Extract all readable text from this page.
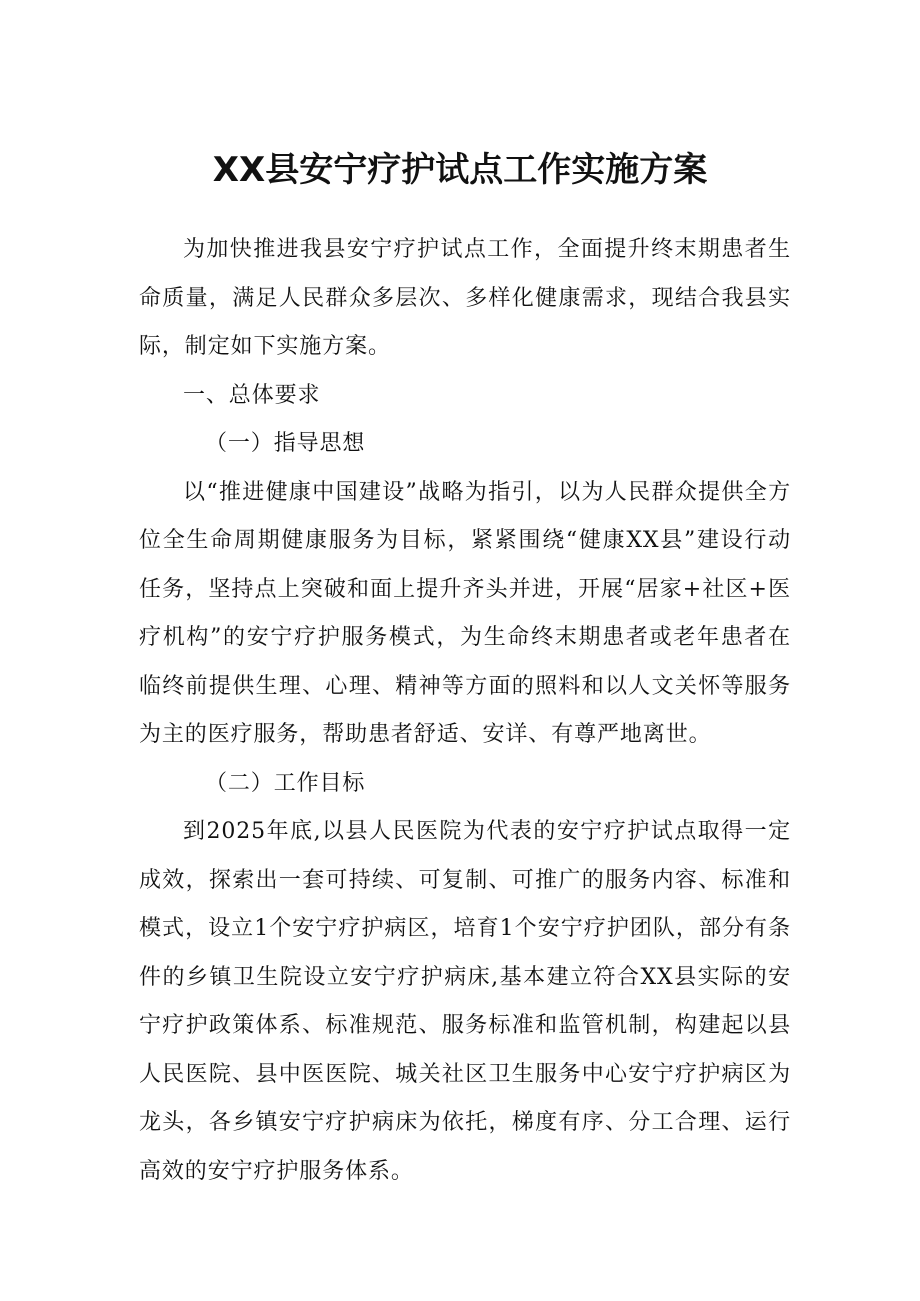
XX县安宁疗护试点工作实施方案

为加快推进我县安宁疗护试点工作，全面提升终末期患者生命质量，满足人民群众多层次、多样化健康需求，现结合我县实际，制定如下实施方案。

一、总体要求

（一）指导思想

以“推进健康中国建设”战略为指引，以为人民群众提供全方位全生命周期健康服务为目标，紧紧围绕“健康XX县”建设行动任务，坚持点上突破和面上提升齐头并进，开展“居家+社区+医疗机构”的安宁疗护服务模式，为生命终末期患者或老年患者在临终前提供生理、心理、精神等方面的照料和以人文关怀等服务为主的医疗服务，帮助患者舒适、安详、有尊严地离世。

（二）工作目标

到2025年底,以县人民医院为代表的安宁疗护试点取得一定成效，探索出一套可持续、可复制、可推广的服务内容、标准和模式，设立1个安宁疗护病区，培育1个安宁疗护团队，部分有条件的乡镇卫生院设立安宁疗护病床,基本建立符合XX县实际的安宁疗护政策体系、标准规范、服务标准和监管机制，构建起以县人民医院、县中医医院、城关社区卫生服务中心安宁疗护病区为龙头，各乡镇安宁疗护病床为依托，梯度有序、分工合理、运行高效的安宁疗护服务体系。
